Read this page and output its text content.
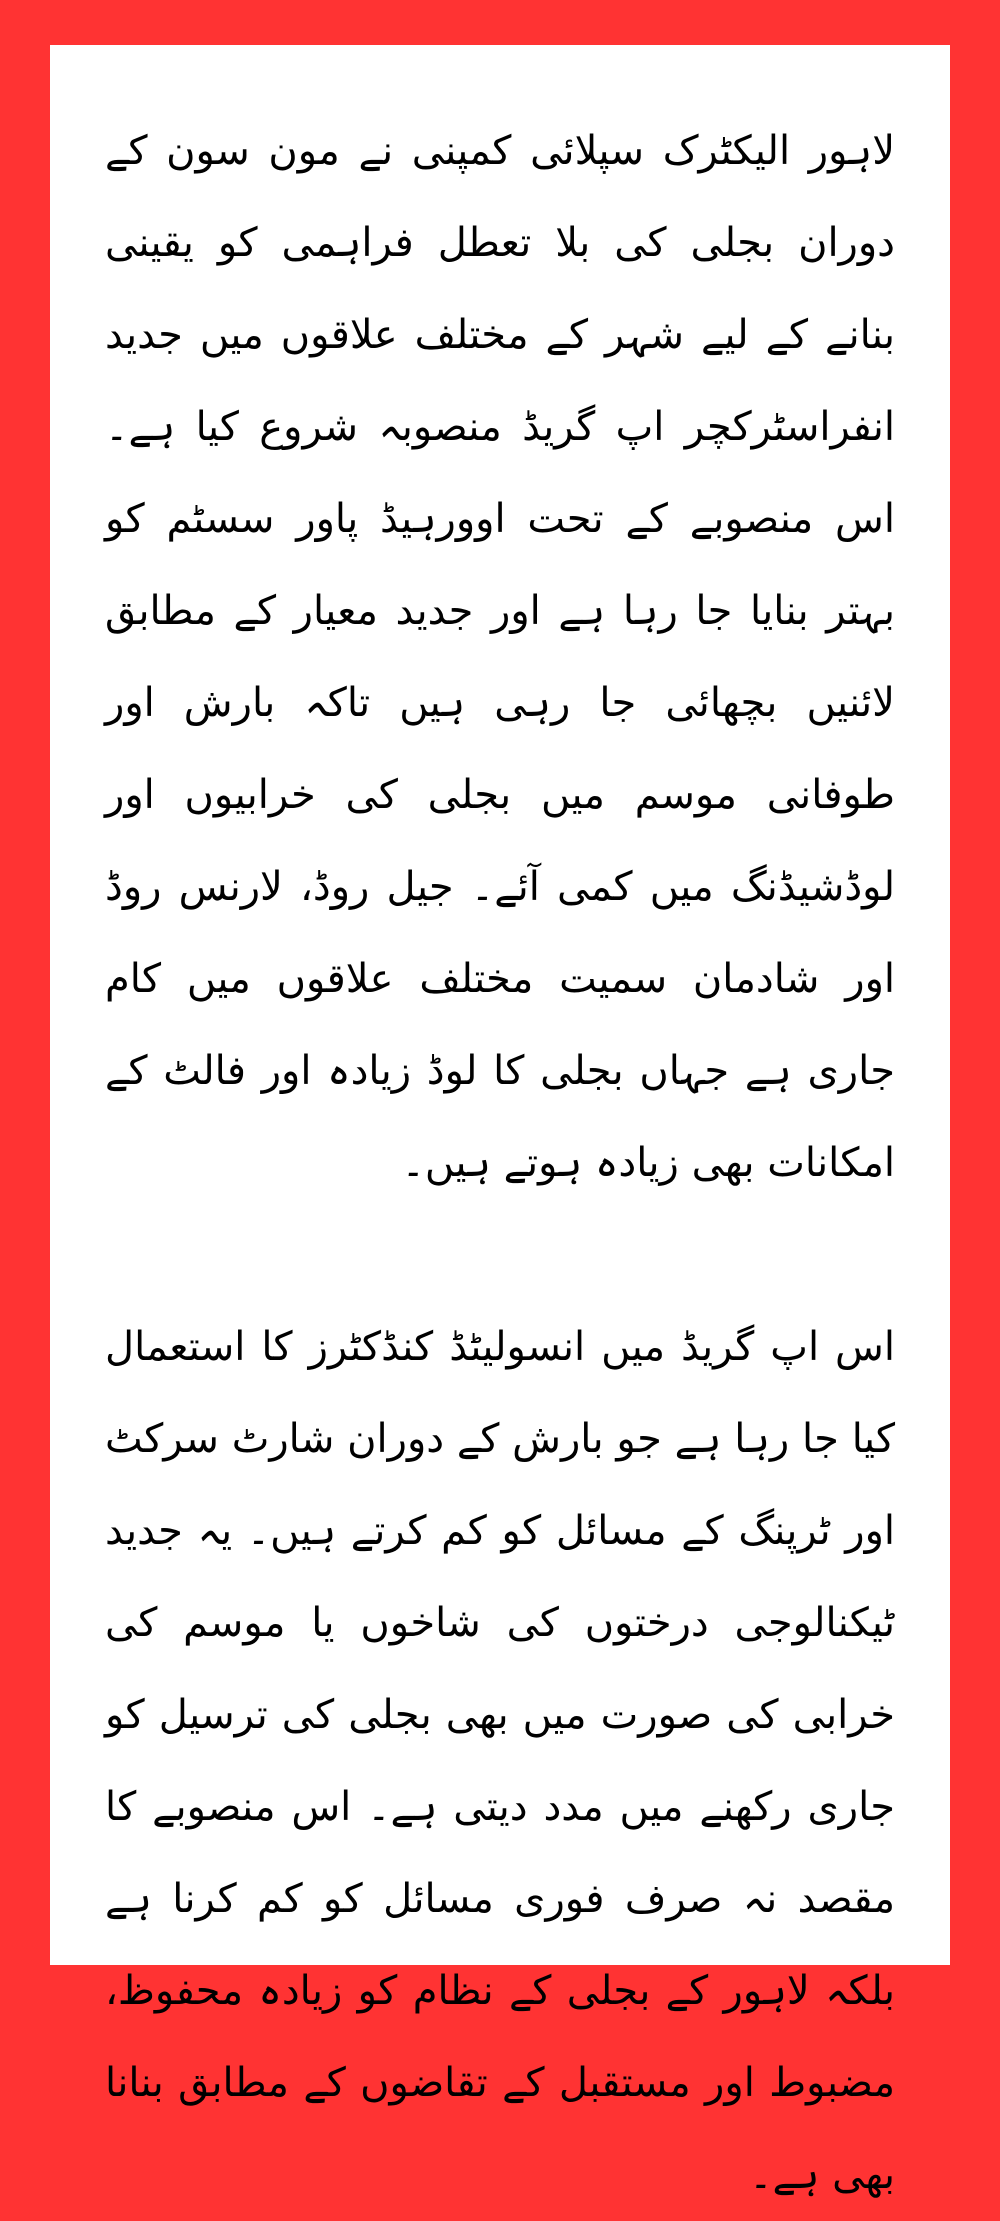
لاہور الیکٹرک سپلائی کمپنی نے مون سون کے دوران بجلی کی بلا تعطل فراہمی کو یقینی بنانے کے لیے شہر کے مختلف علاقوں میں جدید انفراسٹرکچر اپ گریڈ منصوبہ شروع کیا ہے۔ اس منصوبے کے تحت اوورہیڈ پاور سسٹم کو بہتر بنایا جا رہا ہے اور جدید معیار کے مطابق لائنیں بچھائی جا رہی ہیں تاکہ بارش اور طوفانی موسم میں بجلی کی خرابیوں اور لوڈشیڈنگ میں کمی آئے۔ جیل روڈ، لارنس روڈ اور شادمان سمیت مختلف علاقوں میں کام جاری ہے جہاں بجلی کا لوڈ زیادہ اور فالٹ کے امکانات بھی زیادہ ہوتے ہیں۔

اس اپ گریڈ میں انسولیٹڈ کنڈکٹرز کا استعمال کیا جا رہا ہے جو بارش کے دوران شارٹ سرکٹ اور ٹرپنگ کے مسائل کو کم کرتے ہیں۔ یہ جدید ٹیکنالوجی درختوں کی شاخوں یا موسم کی خرابی کی صورت میں بھی بجلی کی ترسیل کو جاری رکھنے میں مدد دیتی ہے۔ اس منصوبے کا مقصد نہ صرف فوری مسائل کو کم کرنا ہے بلکہ لاہور کے بجلی کے نظام کو زیادہ محفوظ، مضبوط اور مستقبل کے تقاضوں کے مطابق بنانا بھی ہے۔
